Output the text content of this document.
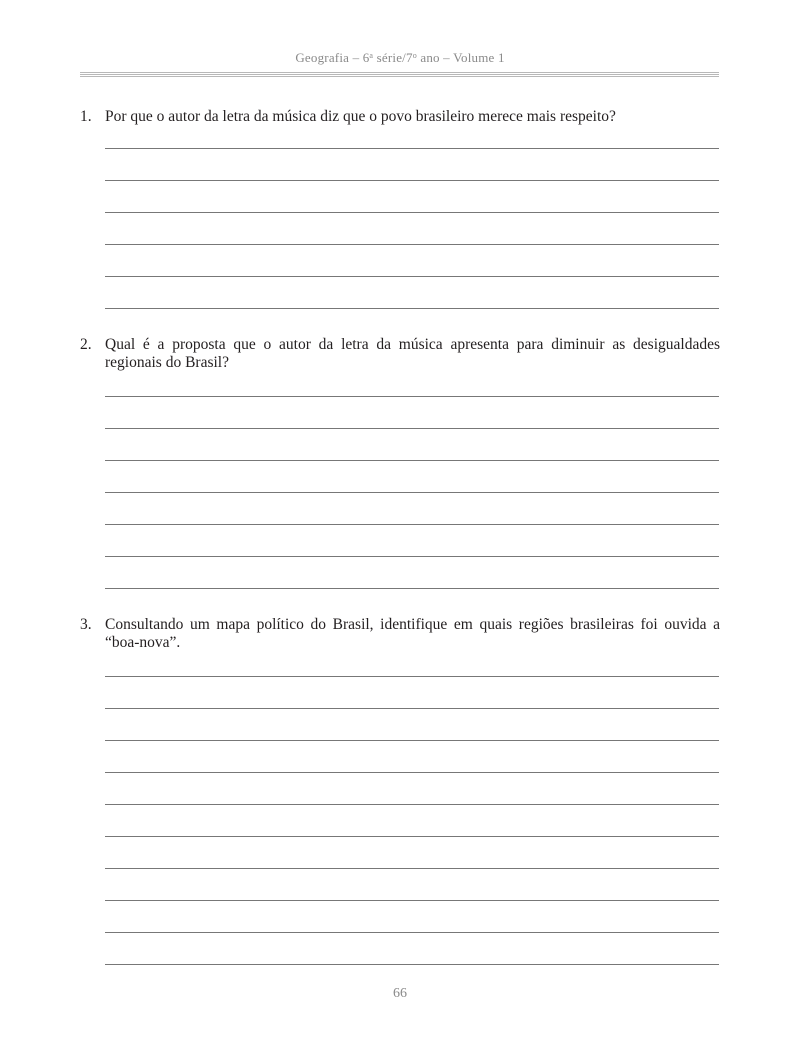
Geografia – 6$^a$ série/7$^o$ ano – Volume 1
1. Por que o autor da letra da música diz que o povo brasileiro merece mais respeito?
2. Qual é a proposta que o autor da letra da música apresenta para diminuir as desigualdades regionais do Brasil?
3. Consultando um mapa político do Brasil, identifique em quais regiões brasileiras foi ouvida a “boa-nova”.
66
